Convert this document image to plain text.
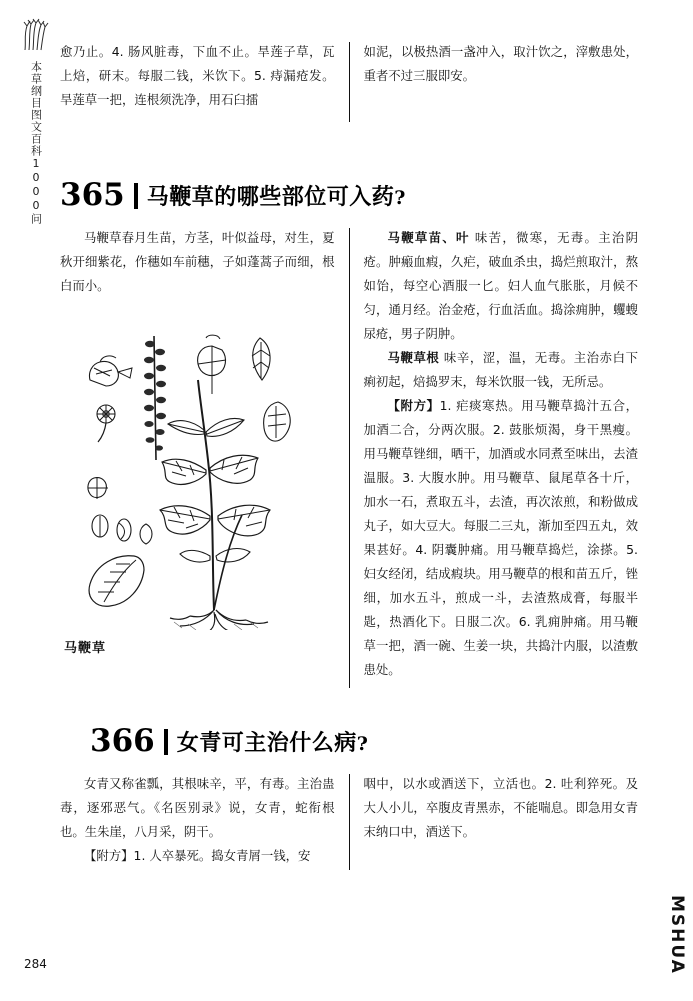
本草纲目图文百科1000问
MSHUA
284

愈乃止。4. 肠风脏毒，下血不止。旱莲子草，瓦上焙，研末。每服二钱，米饮下。5. 痔漏疮发。旱莲草一把，连根须洗净，用石臼擂

如泥，以极热酒一盏冲入，取汁饮之，滓敷患处，重者不过三服即安。

365 马鞭草的哪些部位可入药?

马鞭草春月生苗，方茎，叶似益母，对生，夏秋开细紫花，作穗如车前穗，子如蓬蒿子而细，根白而小。

马鞭草

马鞭草苗、叶 味苦，微寒，无毒。主治阴疮。肿瘢血瘕，久疟，破血杀虫，捣烂煎取汁，熬如饴，每空心酒服一匕。妇人血气胀胀，月候不匀，通月经。治金疮，行血活血。捣涂痈肿，蠼螋尿疮，男子阴肿。

马鞭草根 味辛，涩，温，无毒。主治赤白下痢初起，焙捣罗末，每米饮服一钱，无所忌。

【附方】1. 疟痰寒热。用马鞭草捣汁五合，加酒二合，分两次服。2. 鼓胀烦渴，身干黑瘦。用马鞭草锉细，晒干，加酒或水同煮至味出，去渣温服。3. 大腹水肿。用马鞭草、鼠尾草各十斤，加水一石，煮取五斗，去渣，再次浓煎，和粉做成丸子，如大豆大。每服二三丸，渐加至四五丸，效果甚好。4. 阴囊肿痛。用马鞭草捣烂，涂搽。5. 妇女经闭，结成瘕块。用马鞭草的根和苗五斤，锉细，加水五斗，煎成一斗，去渣熬成膏，每服半匙，热酒化下。日服二次。6. 乳痈肿痛。用马鞭草一把，酒一碗、生姜一块，共捣汁内服，以渣敷患处。

366 女青可主治什么病?

女青又称雀瓢，其根味辛，平，有毒。主治蛊毒，逐邪恶气。《名医别录》说，女青，蛇衔根也。生朱崖，八月采，阴干。

【附方】1. 人卒暴死。捣女青屑一钱，安

咽中，以水或酒送下，立活也。2. 吐利猝死。及大人小儿，卒腹皮青黑赤，不能喘息。即急用女青末纳口中，酒送下。
